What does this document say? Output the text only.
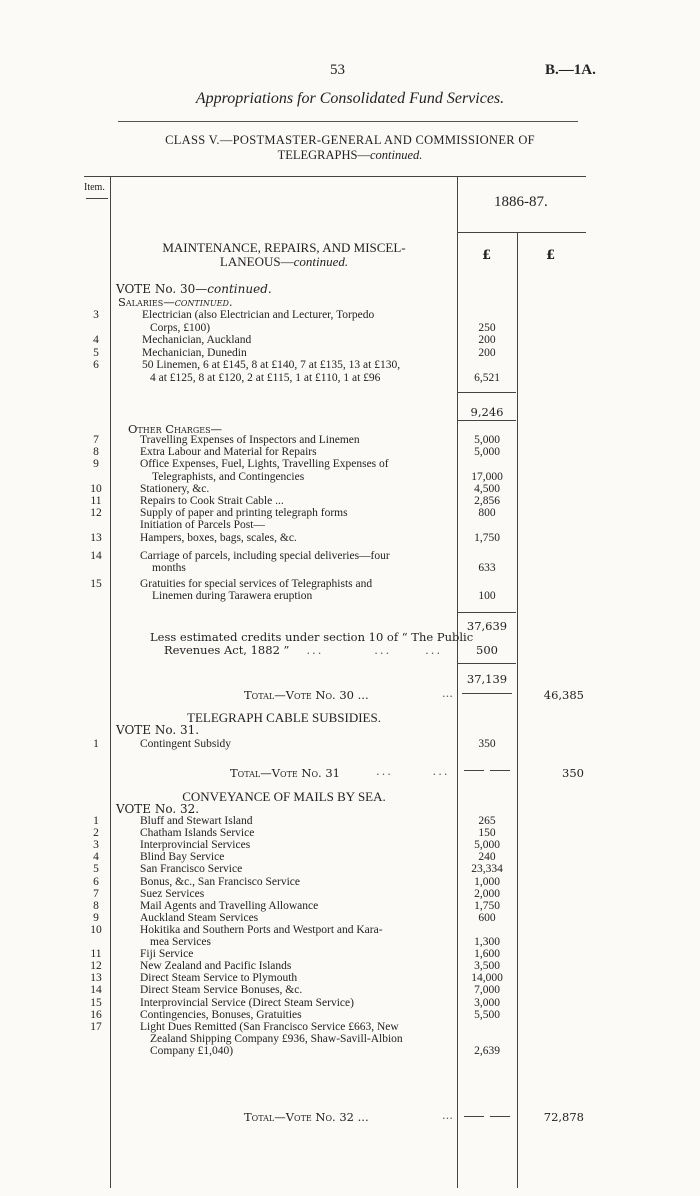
53	B.—1A.
Appropriations for Consolidated Fund Services.
CLASS V.—POSTMASTER-GENERAL AND COMMISSIONER OF
TELEGRAPHS—continued.
Item.
1886-87.
£	£
MAINTENANCE, REPAIRS, AND MISCEL-
LANEOUS—continued.
VOTE No. 30—continued.
Salaries—continued.
3	Electrician (also Electrician and Lecturer, Torpedo
Corps, £100)	250
4	Mechanician, Auckland	200
5	Mechanician, Dunedin	200
6	50 Linemen, 6 at £145, 8 at £140, 7 at £135, 13 at £130,
4 at £125, 8 at £120, 2 at £115, 1 at £110, 1 at £96	6,521
9,246
Other Charges—
7	Travelling Expenses of Inspectors and Linemen	5,000
8	Extra Labour and Material for Repairs	5,000
9	Office Expenses, Fuel, Lights, Travelling Expenses of
Telegraphists, and Contingencies	17,000
10	Stationery, &c.	4,500
11	Repairs to Cook Strait Cable ...	2,856
12	Supply of paper and printing telegraph forms	800
Initiation of Parcels Post—
13	Hampers, boxes, bags, scales, &c.	1,750
14	Carriage of parcels, including special deliveries—four
months	633
15	Gratuities for special services of Telegraphists and
Linemen during Tarawera eruption	100
37,639
Less estimated credits under section 10 of “ The Public
Revenues Act, 1882 ”   ...         ...      ...	500
37,139
Total—Vote No. 30 ...	...	46,385
TELEGRAPH CABLE SUBSIDIES.
VOTE No. 31.
1	Contingent Subsidy	350
Total—Vote No. 31	...       ...	350
CONVEYANCE OF MAILS BY SEA.
VOTE No. 32.
1	Bluff and Stewart Island	265
2	Chatham Islands Service	150
3	Interprovincial Services	5,000
4	Blind Bay Service	240
5	San Francisco Service	23,334
6	Bonus, &c., San Francisco Service	1,000
7	Suez Services	2,000
8	Mail Agents and Travelling Allowance	1,750
9	Auckland Steam Services	600
10	Hokitika and Southern Ports and Westport and Kara-
mea Services	1,300
11	Fiji Service	1,600
12	New Zealand and Pacific Islands	3,500
13	Direct Steam Service to Plymouth	14,000
14	Direct Steam Service Bonuses, &c.	7,000
15	Interprovincial Service (Direct Steam Service)	3,000
16	Contingencies, Bonuses, Gratuities	5,500
17	Light Dues Remitted (San Francisco Service £663, New
Zealand Shipping Company £936, Shaw-Savill-Albion
Company £1,040)	2,639
Total—Vote No. 32 ...	...	72,878
